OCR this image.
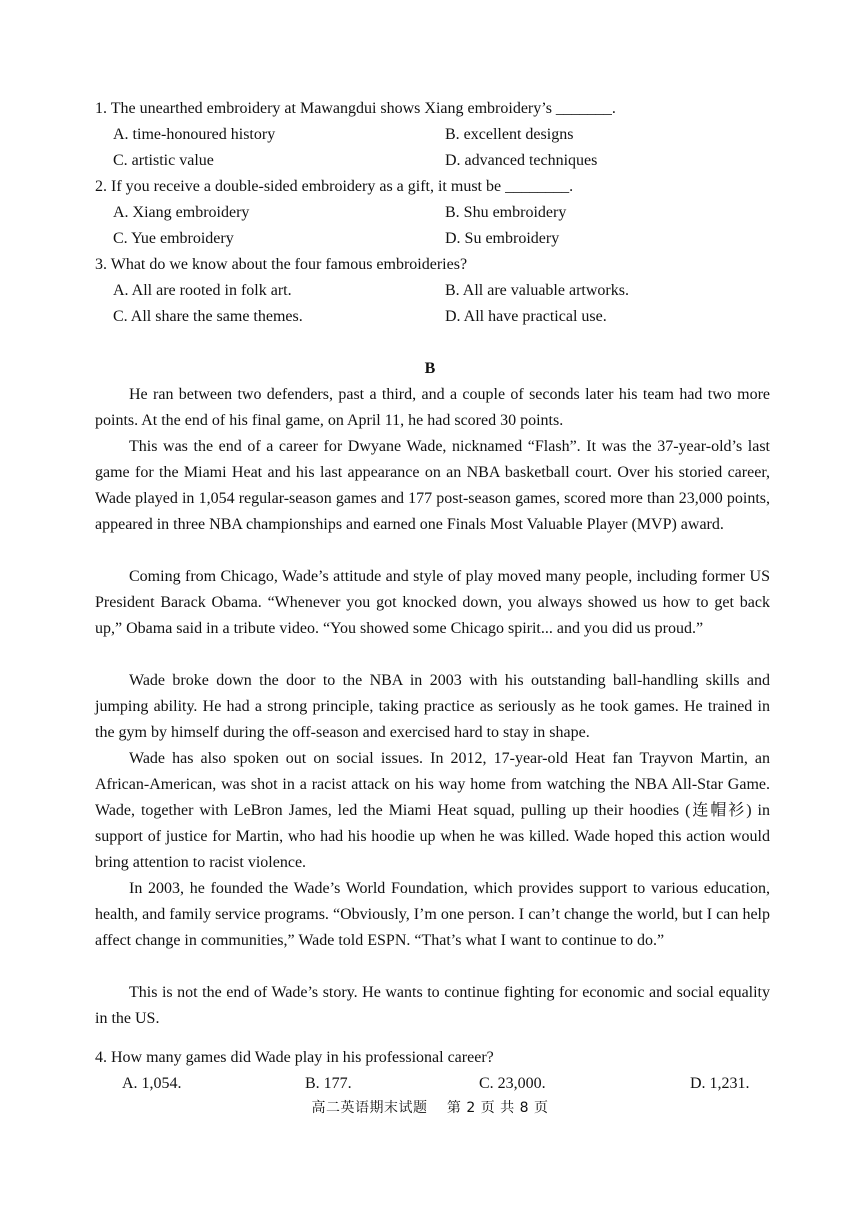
1. The unearthed embroidery at Mawangdui shows Xiang embroidery’s _______.
A. time-honoured history	B. excellent designs
C. artistic value	D. advanced techniques
2. If you receive a double-sided embroidery as a gift, it must be ________.
A. Xiang embroidery	B. Shu embroidery
C. Yue embroidery	D. Su embroidery
3. What do we know about the four famous embroideries?
A. All are rooted in folk art.	B. All are valuable artworks.
C. All share the same themes.	D. All have practical use.
B

He ran between two defenders, past a third, and a couple of seconds later his team had two more points. At the end of his final game, on April 11, he had scored 30 points.

This was the end of a career for Dwyane Wade, nicknamed “Flash”. It was the 37-year-old’s last game for the Miami Heat and his last appearance on an NBA basketball court. Over his storied career, Wade played in 1,054 regular-season games and 177 post-season games, scored more than 23,000 points, appeared in three NBA championships and earned one Finals Most Valuable Player (MVP) award.

Coming from Chicago, Wade’s attitude and style of play moved many people, including former US President Barack Obama. “Whenever you got knocked down, you always showed us how to get back up,” Obama said in a tribute video. “You showed some Chicago spirit... and you did us proud.”

Wade broke down the door to the NBA in 2003 with his outstanding ball-handling skills and jumping ability. He had a strong principle, taking practice as seriously as he took games. He trained in the gym by himself during the off-season and exercised hard to stay in shape.

Wade has also spoken out on social issues. In 2012, 17-year-old Heat fan Trayvon Martin, an African-American, was shot in a racist attack on his way home from watching the NBA All-Star Game. Wade, together with LeBron James, led the Miami Heat squad, pulling up their hoodies (连帽衫) in support of justice for Martin, who had his hoodie up when he was killed. Wade hoped this action would bring attention to racist violence.

In 2003, he founded the Wade’s World Foundation, which provides support to various education, health, and family service programs. “Obviously, I’m one person. I can’t change the world, but I can help affect change in communities,” Wade told ESPN. “That’s what I want to continue to do.”

This is not the end of Wade’s story. He wants to continue fighting for economic and social equality in the US.

4. How many games did Wade play in his professional career?
A. 1,054.	B. 177.	C. 23,000.	D. 1,231.
高二英语期末试题　 第 2 页 共 8 页
